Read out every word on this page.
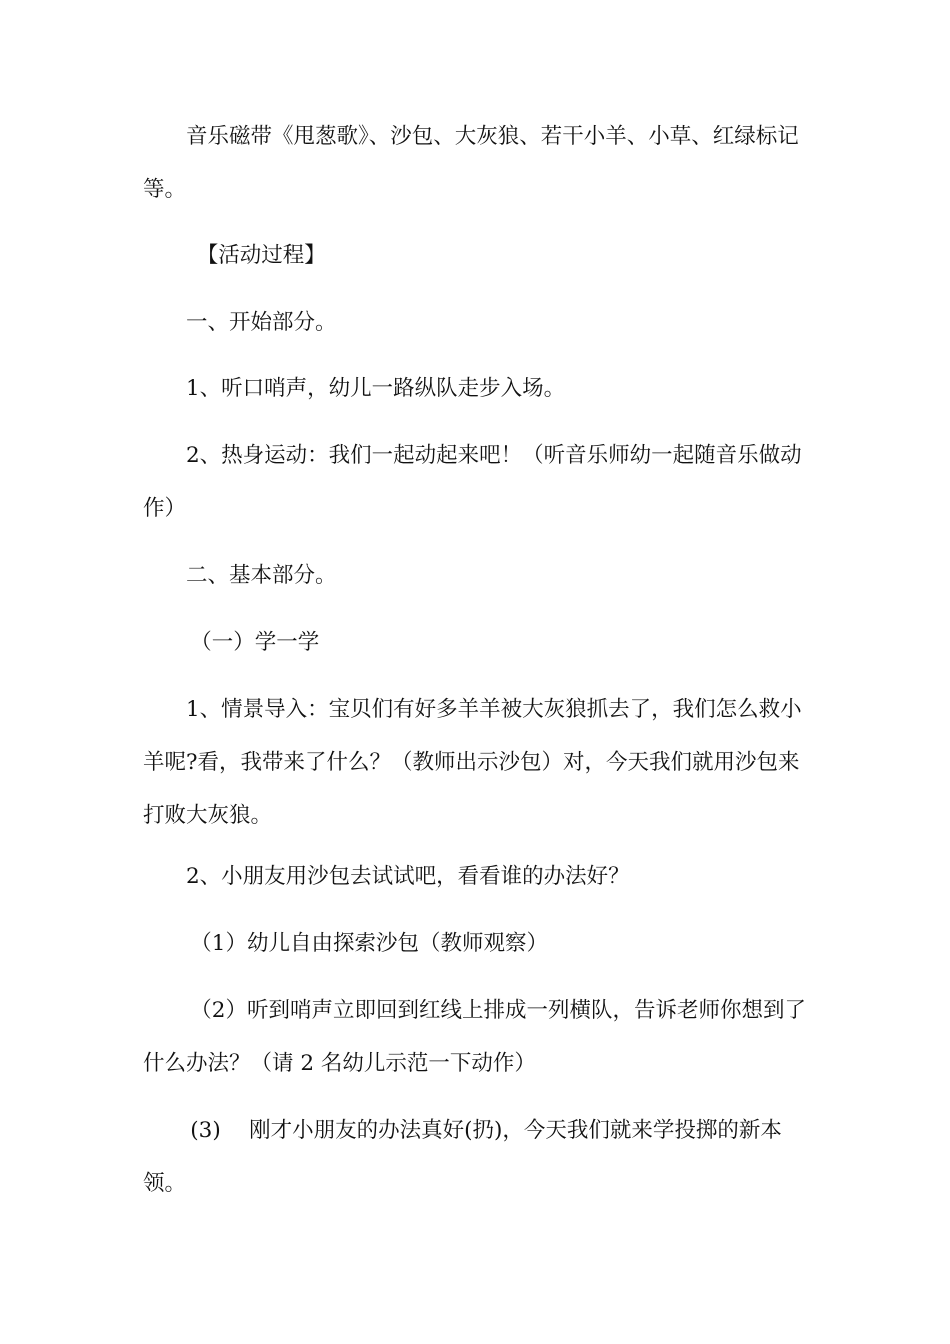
音乐磁带《甩葱歌》、沙包、大灰狼、若干小羊、小草、红绿标记等。

【活动过程】

一、开始部分。

1、听口哨声，幼儿一路纵队走步入场。

2、热身运动：我们一起动起来吧！（听音乐师幼一起随音乐做动作）

二、基本部分。

（一）学一学

1、情景导入：宝贝们有好多羊羊被大灰狼抓去了，我们怎么救小羊呢?看，我带来了什么？（教师出示沙包）对，今天我们就用沙包来打败大灰狼。

2、小朋友用沙包去试试吧，看看谁的办法好？

（1）幼儿自由探索沙包（教师观察）

（2）听到哨声立即回到红线上排成一列横队，告诉老师你想到了什么办法？（请 2 名幼儿示范一下动作）

(3)　 刚才小朋友的办法真好(扔)，今天我们就来学投掷的新本领。
